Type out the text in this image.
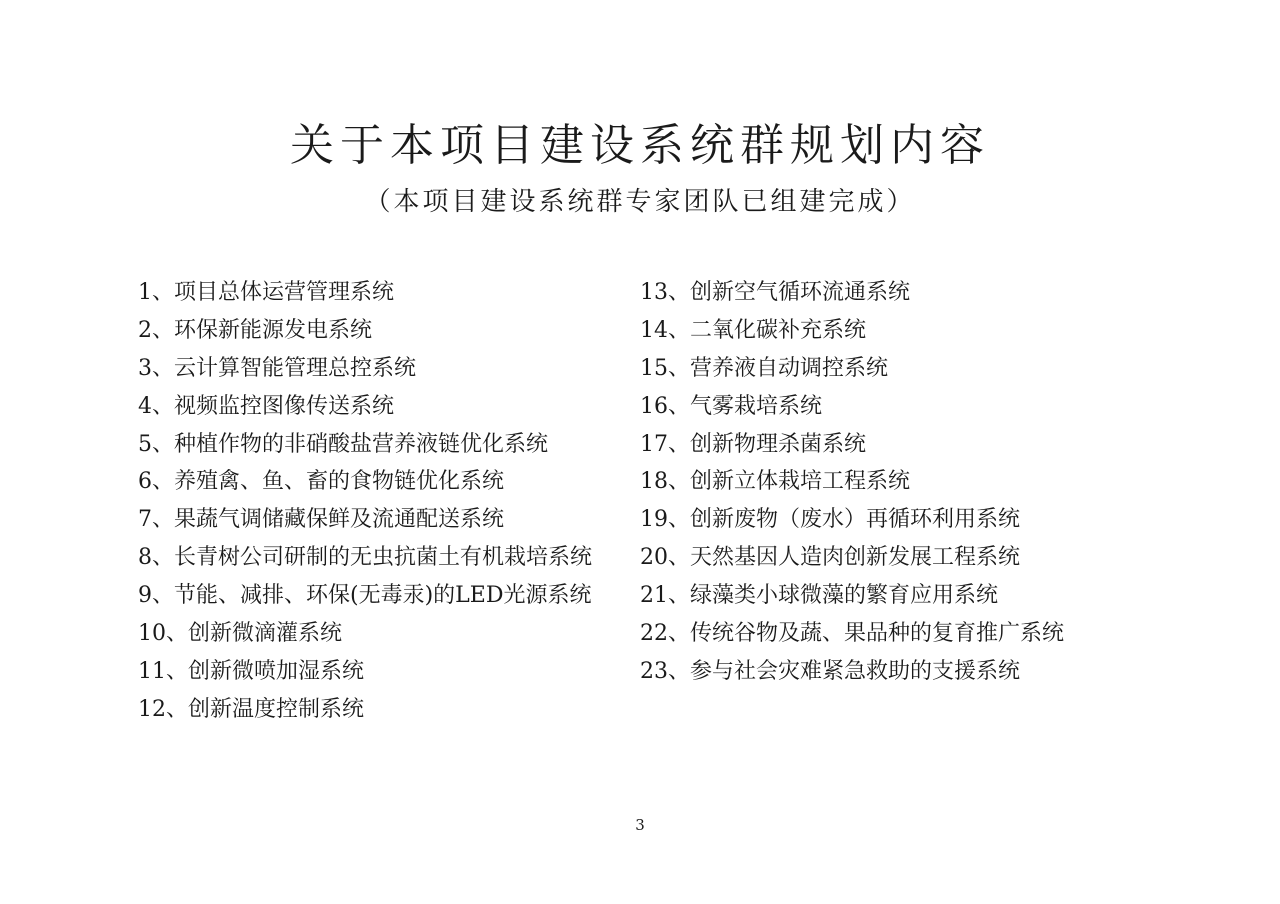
关于本项目建设系统群规划内容
（本项目建设系统群专家团队已组建完成）
1、项目总体运营管理系统
2、环保新能源发电系统
3、云计算智能管理总控系统
4、视频监控图像传送系统
5、种植作物的非硝酸盐营养液链优化系统
6、养殖禽、鱼、畜的食物链优化系统
7、果蔬气调储藏保鲜及流通配送系统
8、长青树公司研制的无虫抗菌土有机栽培系统
9、节能、减排、环保(无毒汞)的LED光源系统
10、创新微滴灌系统
11、创新微喷加湿系统
12、创新温度控制系统
13、创新空气循环流通系统
14、二氧化碳补充系统
15、营养液自动调控系统
16、气雾栽培系统
17、创新物理杀菌系统
18、创新立体栽培工程系统
19、创新废物（废水）再循环利用系统
20、天然基因人造肉创新发展工程系统
21、绿藻类小球微藻的繁育应用系统
22、传统谷物及蔬、果品种的复育推广系统
23、参与社会灾难紧急救助的支援系统
3
